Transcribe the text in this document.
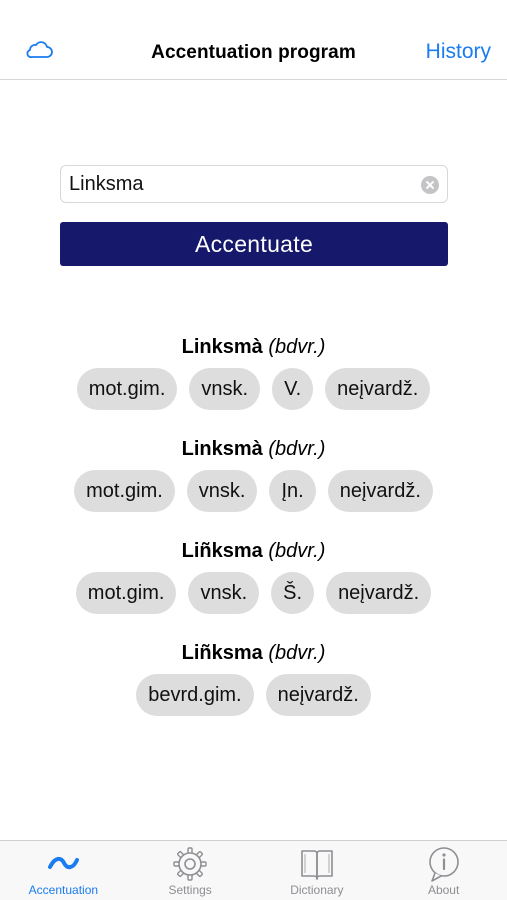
Accentuation program	History
Linksma
Accentuate
Linksmà (bdvr.)
mot.gim.	vnsk.	V.	neįvardž.
Linksmà (bdvr.)
mot.gim.	vnsk.	Įn.	neįvardž.
Liñksma (bdvr.)
mot.gim.	vnsk.	Š.	neįvardž.
Liñksma (bdvr.)
bevrd.gim.	neįvardž.
Accentuation	Settings	Dictionary	About
